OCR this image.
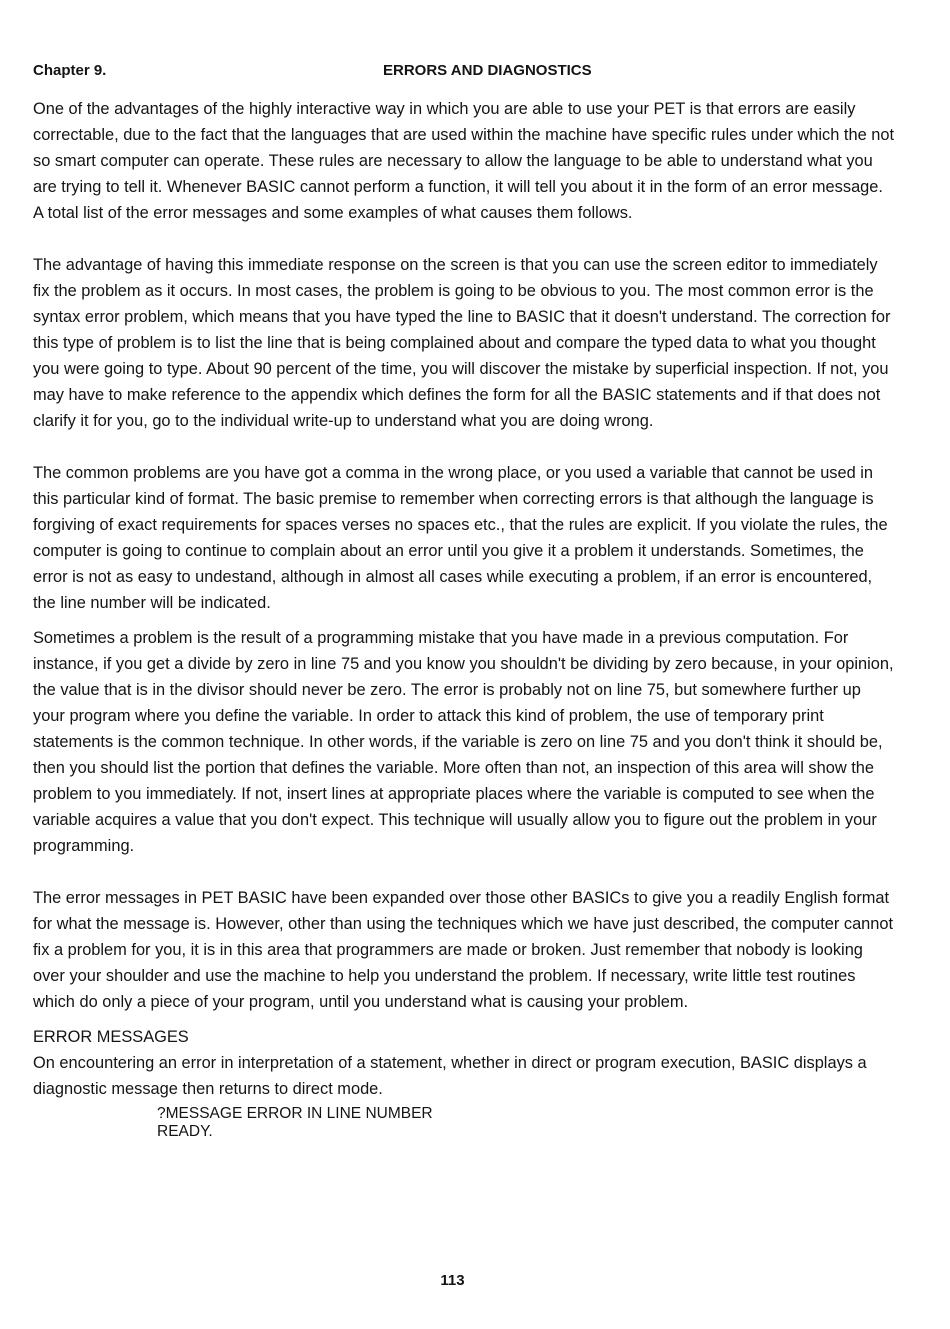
Chapter 9.	ERRORS AND DIAGNOSTICS

One of the advantages of the highly interactive way in which you are able to use your PET is that errors are easily correctable, due to the fact that the languages that are used within the machine have specific rules under which the not so smart computer can operate. These rules are necessary to allow the language to be able to understand what you are trying to tell it. Whenever BASIC cannot perform a function, it will tell you about it in the form of an error message. A total list of the error messages and some examples of what causes them follows.

The advantage of having this immediate response on the screen is that you can use the screen editor to immediately fix the problem as it occurs. In most cases, the problem is going to be obvious to you. The most common error is the syntax error problem, which means that you have typed the line to BASIC that it doesn't understand. The correction for this type of problem is to list the line that is being complained about and compare the typed data to what you thought you were going to type. About 90 percent of the time, you will discover the mistake by superficial inspection. If not, you may have to make reference to the appendix which defines the form for all the BASIC statements and if that does not clarify it for you, go to the individual write-up to understand what you are doing wrong.

The common problems are you have got a comma in the wrong place, or you used a variable that cannot be used in this particular kind of format. The basic premise to remember when correcting errors is that although the language is forgiving of exact requirements for spaces verses no spaces etc., that the rules are explicit. If you violate the rules, the computer is going to continue to complain about an error until you give it a problem it understands. Sometimes, the error is not as easy to undestand, although in almost all cases while executing a problem, if an error is encountered, the line number will be indicated.

Sometimes a problem is the result of a programming mistake that you have made in a previous computation. For instance, if you get a divide by zero in line 75 and you know you shouldn't be dividing by zero because, in your opinion, the value that is in the divisor should never be zero. The error is probably not on line 75, but somewhere further up your program where you define the variable. In order to attack this kind of problem, the use of temporary print statements is the common technique. In other words, if the variable is zero on line 75 and you don't think it should be, then you should list the portion that defines the variable. More often than not, an inspection of this area will show the problem to you immediately. If not, insert lines at appropriate places where the variable is computed to see when the variable acquires a value that you don't expect. This technique will usually allow you to figure out the problem in your programming.

The error messages in PET BASIC have been expanded over those other BASICs to give you a readily English format for what the message is. However, other than using the techniques which we have just described, the computer cannot fix a problem for you, it is in this area that programmers are made or broken. Just remember that nobody is looking over your shoulder and use the machine to help you understand the problem. If necessary, write little test routines which do only a piece of your program, until you understand what is causing your problem.

ERROR MESSAGES

On encountering an error in interpretation of a statement, whether in direct or program execution, BASIC displays a diagnostic message then returns to direct mode.

?MESSAGE ERROR IN LINE NUMBER
READY.
113
